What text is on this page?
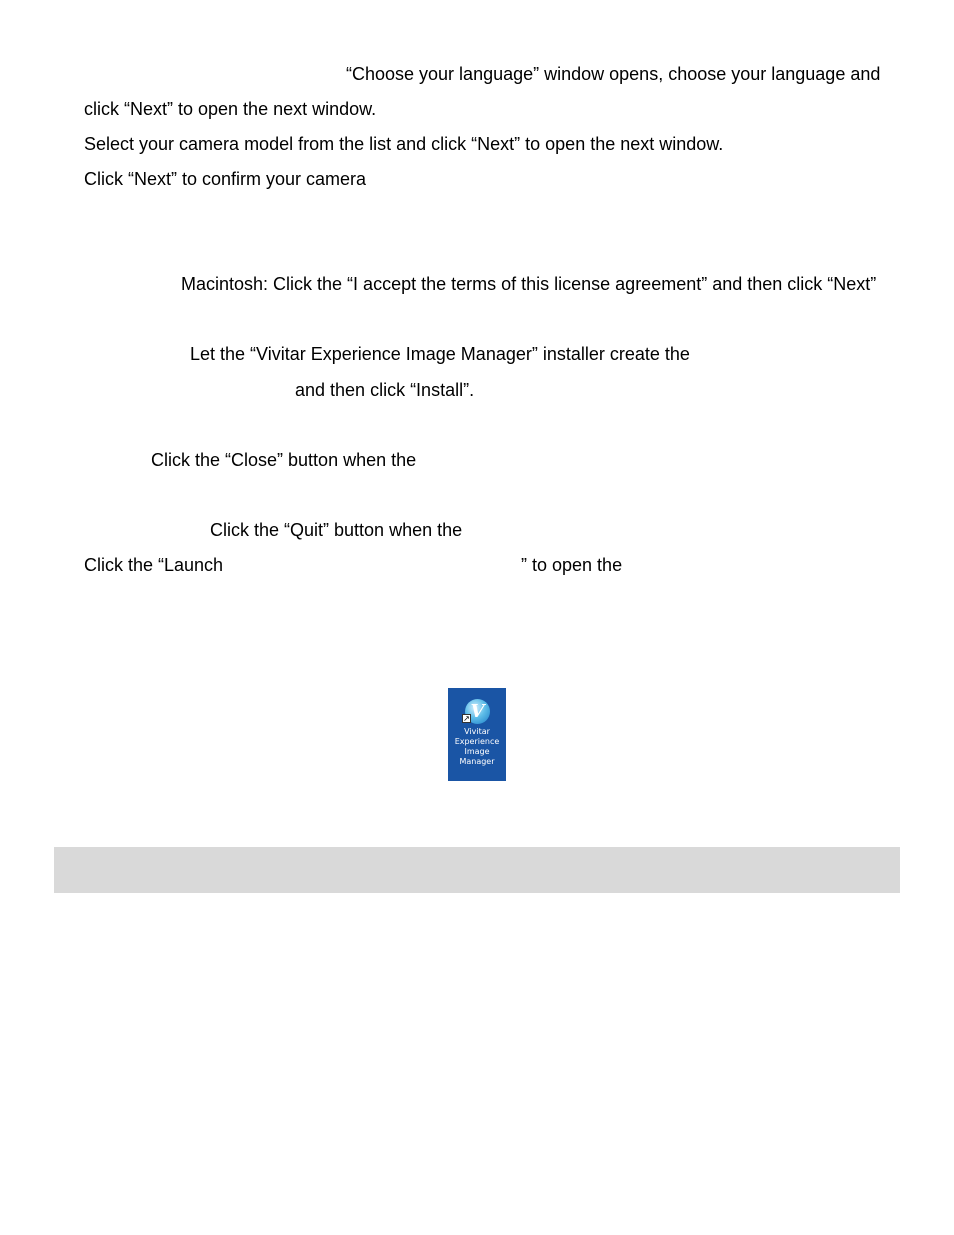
“Choose your language” window opens, choose your language and

click “Next” to open the next window.

Select your camera model from the list and click “Next” to open the next window.

Click “Next” to confirm your camera

Macintosh: Click the “I accept the terms of this license agreement” and then click “Next”

Let the “Vivitar Experience Image Manager” installer create the

and then click “Install”.

Click the “Close” button when the

Click the “Quit” button when the

Click the “Launch	” to open the

V
↗
Vivitar
Experience
Image
Manager
